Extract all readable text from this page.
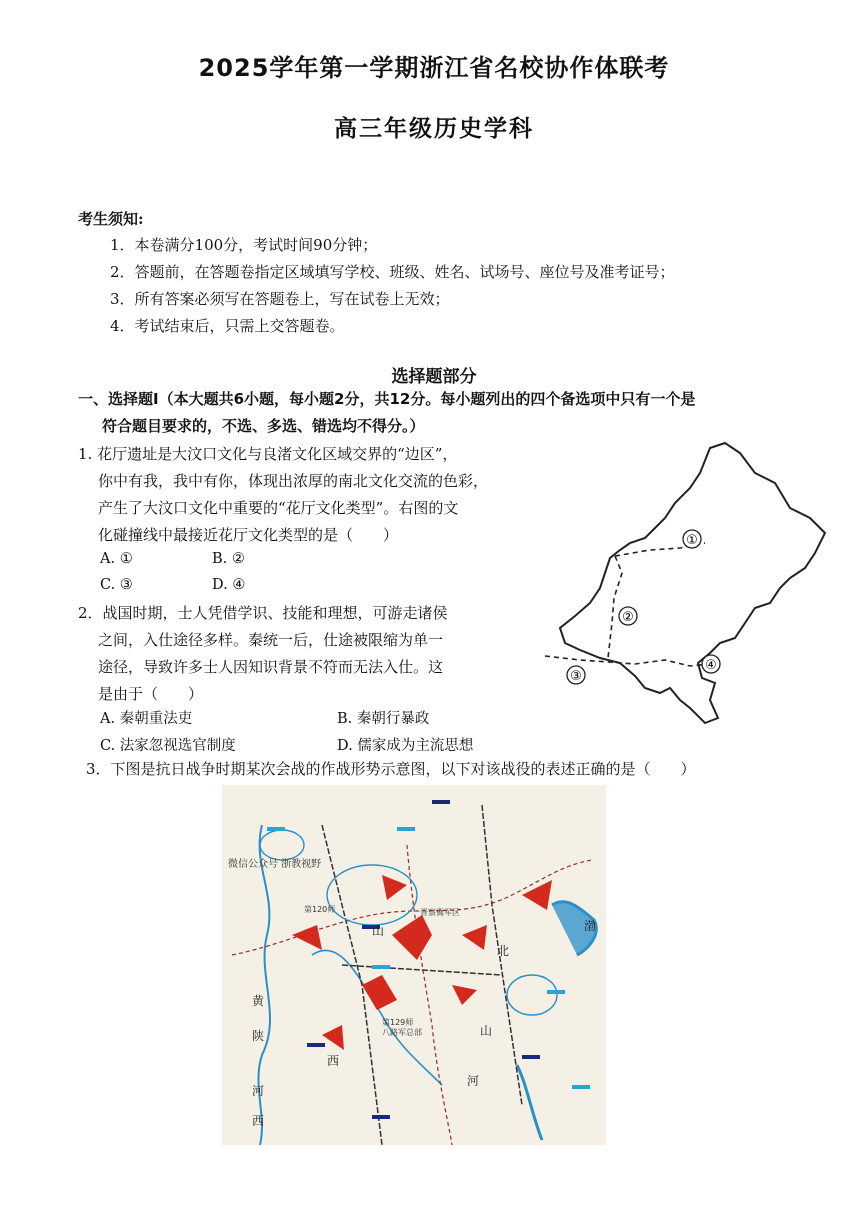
2025学年第一学期浙江省名校协作体联考
高三年级历史学科
考生须知:
1．本卷满分100分，考试时间90分钟；
2．答题前，在答题卷指定区域填写学校、班级、姓名、试场号、座位号及准考证号；
3．所有答案必须写在答题卷上，写在试卷上无效；
4．考试结束后，只需上交答题卷。
选择题部分
一、选择题Ⅰ（本大题共6小题，每小题2分，共12分。每小题列出的四个备选项中只有一个是
符合题目要求的，不选、多选、错选均不得分。）
1. 花厅遗址是大汶口文化与良渚文化区域交界的“边区”，
你中有我，我中有你，体现出浓厚的南北文化交流的色彩，
产生了大汶口文化中重要的“花厅文化类型”。右图的文
化碰撞线中最接近花厅文化类型的是（　　）
A. ①	B. ②
C. ③	D. ④
2．战国时期，士人凭借学识、技能和理想，可游走诸侯
之间，入仕途径多样。秦统一后，仕途被限缩为单一
途径，导致许多士人因知识背景不符而无法入仕。这
是由于（　　）
A. 秦朝重法吏	B. 秦朝行暴政
C. 法家忽视选官制度	D. 儒家成为主流思想
3．下图是抗日战争时期某次会战的作战形势示意图，以下对该战役的表述正确的是（　　）
①
②
③
④
微信公众号 浙教视野
第120师	晋察冀军区
第129师
八路军总部
山
西
北
河
黄
陕
河
西
山
渤
